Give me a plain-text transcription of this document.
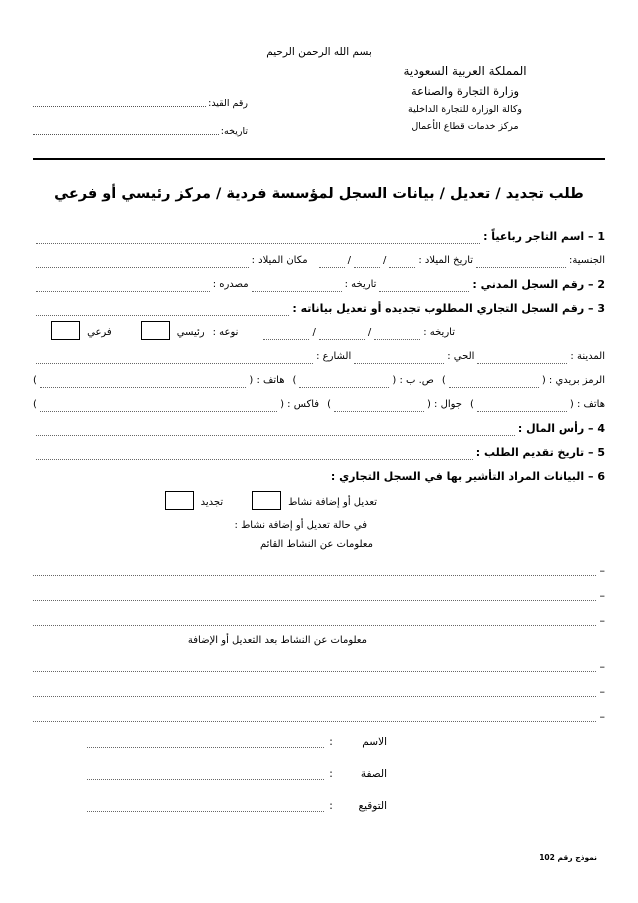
بسم الله الرحمن الرحيم
المملكة العربية السعودية
وزارة التجارة والصناعة
وكالة الوزارة للتجارة الداخلية
مركز خدمات قطاع الأعمال
رقم القيد:
تاريخه:
طلب تجديد / تعديل / بيانات السجل لمؤسسة فردية / مركز رئيسي أو فرعي
1 – اسم التاجر رباعياً :
الجنسية:
تاريخ الميلاد :
/
/
مكان الميلاد :
2 – رقم السجل المدني :
تاريخه :
مصدره :
3 – رقم السجل التجاري المطلوب تجديده أو تعديل بياناته :
تاريخه :
/
/
نوعه :
رئيسي
فرعي
المدينة :
الحي :
الشارع :
الرمز بريدي : (
)
ص. ب : (
)
هاتف : (
)
هاتف : (
)
جوال : (
)
فاكس : (
)
4 – رأس المال :
5 – تاريخ تقديم الطلب :
6 – البيانات المراد التأشير بها في السجل التجاري :
تعديل أو إضافة نشاط
تجديد
في حالة تعديل أو إضافة نشاط :
معلومات عن النشاط القائم
–
–
–
معلومات عن النشاط بعد التعديل أو الإضافة
–
–
–
الاسم
:
الصفة
:
التوقيع
:
نموذج رقم 102
